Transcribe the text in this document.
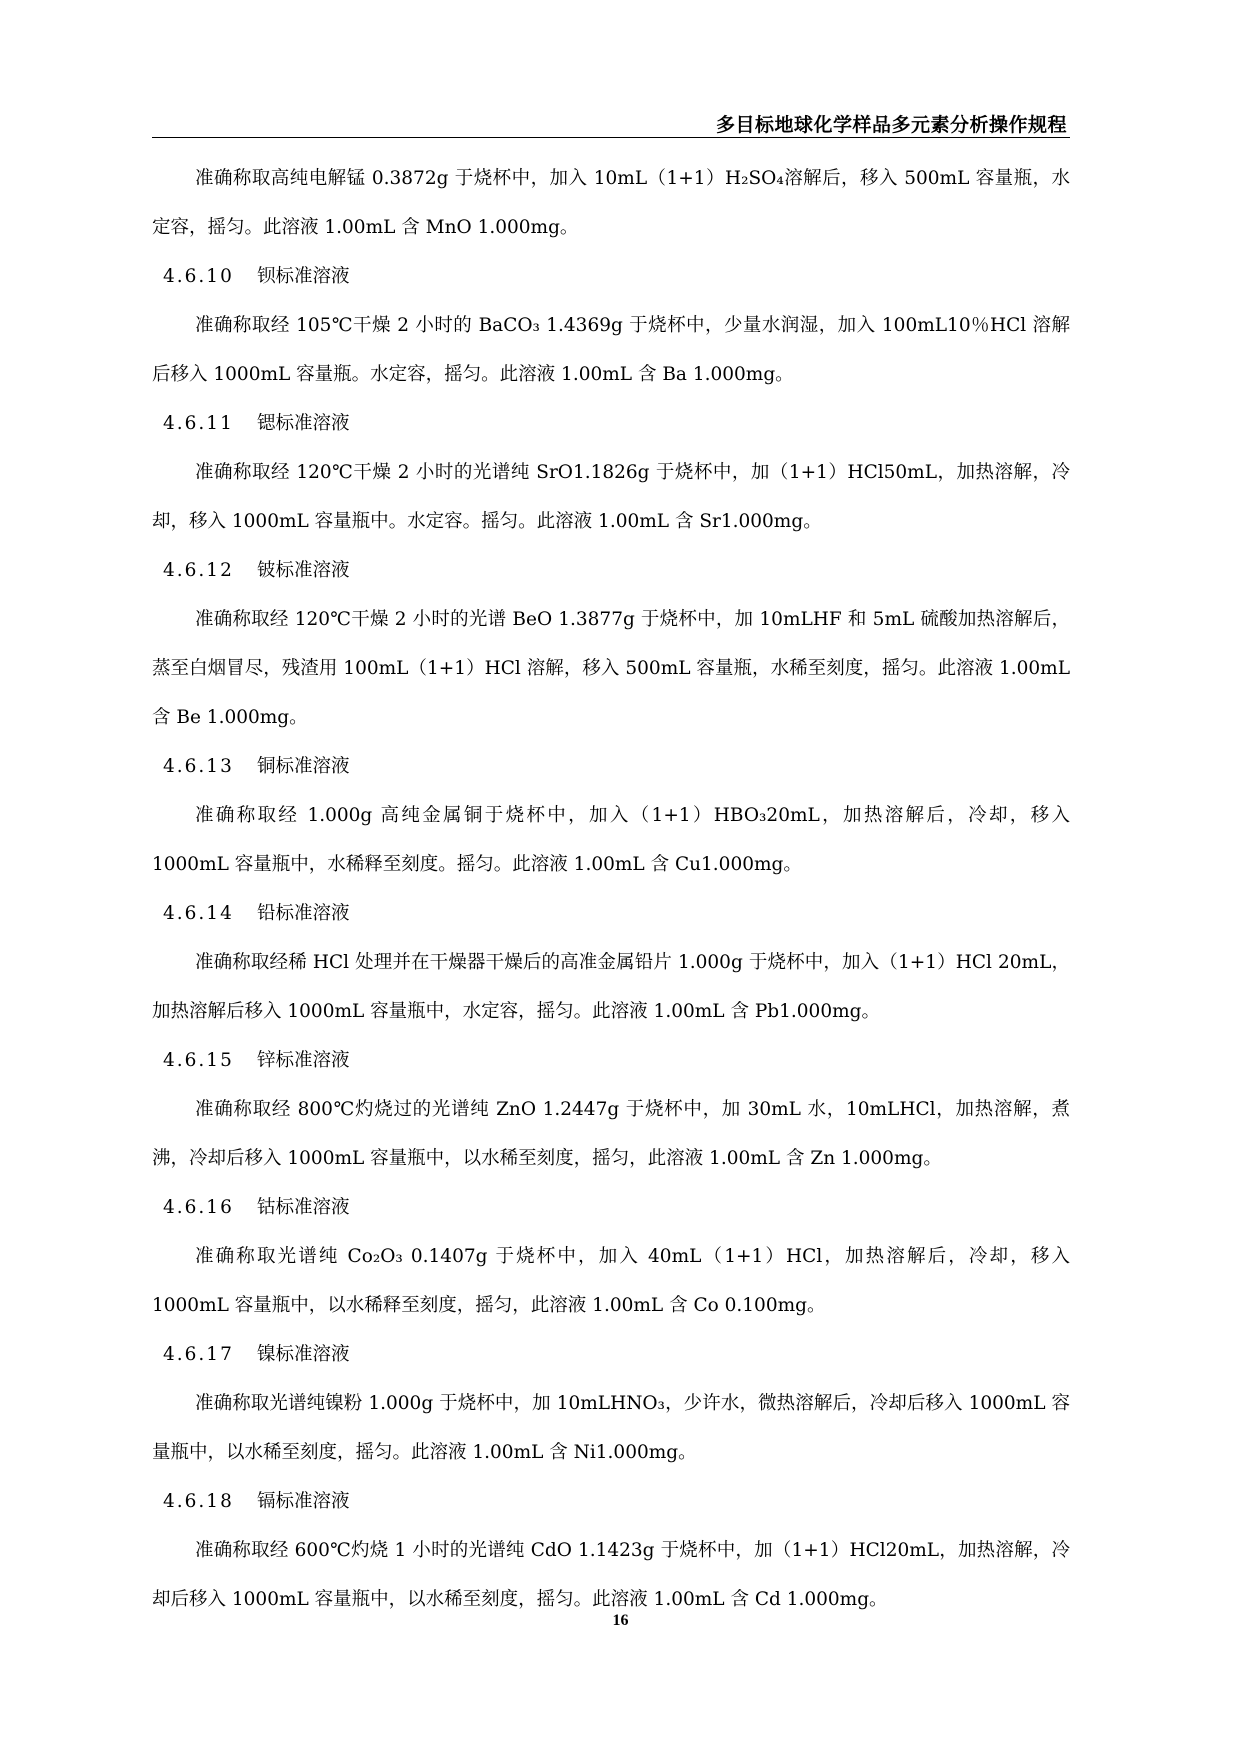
多目标地球化学样品多元素分析操作规程

准确称取高纯电解锰 0.3872g 于烧杯中，加入 10mL（1+1）H₂SO₄溶解后，移入 500mL 容量瓶，水定容，摇匀。此溶液 1.00mL 含 MnO 1.000mg。

4.6.10 钡标准溶液

准确称取经 105℃干燥 2 小时的 BaCO₃ 1.4369g 于烧杯中，少量水润湿，加入 100mL10％HCl 溶解后移入 1000mL 容量瓶。水定容，摇匀。此溶液 1.00mL 含 Ba 1.000mg。

4.6.11 锶标准溶液

准确称取经 120℃干燥 2 小时的光谱纯 SrO1.1826g 于烧杯中，加（1+1）HCl50mL，加热溶解，冷却，移入 1000mL 容量瓶中。水定容。摇匀。此溶液 1.00mL 含 Sr1.000mg。

4.6.12 铍标准溶液

准确称取经 120℃干燥 2 小时的光谱 BeO 1.3877g 于烧杯中，加 10mLHF 和 5mL 硫酸加热溶解后，蒸至白烟冒尽，残渣用 100mL（1+1）HCl 溶解，移入 500mL 容量瓶，水稀至刻度，摇匀。此溶液 1.00mL 含 Be 1.000mg。

4.6.13 铜标准溶液

准确称取经 1.000g 高纯金属铜于烧杯中，加入（1+1）HBO₃20mL，加热溶解后，冷却，移入 1000mL 容量瓶中，水稀释至刻度。摇匀。此溶液 1.00mL 含 Cu1.000mg。

4.6.14 铅标准溶液

准确称取经稀 HCl 处理并在干燥器干燥后的高准金属铅片 1.000g 于烧杯中，加入（1+1）HCl 20mL，加热溶解后移入 1000mL 容量瓶中，水定容，摇匀。此溶液 1.00mL 含 Pb1.000mg。

4.6.15 锌标准溶液

准确称取经 800℃灼烧过的光谱纯 ZnO 1.2447g 于烧杯中，加 30mL 水，10mLHCl，加热溶解，煮沸，冷却后移入 1000mL 容量瓶中，以水稀至刻度，摇匀，此溶液 1.00mL 含 Zn 1.000mg。

4.6.16 钴标准溶液

准确称取光谱纯 Co₂O₃ 0.1407g 于烧杯中，加入 40mL（1+1）HCl，加热溶解后，冷却，移入 1000mL 容量瓶中，以水稀释至刻度，摇匀，此溶液 1.00mL 含 Co 0.100mg。

4.6.17 镍标准溶液

准确称取光谱纯镍粉 1.000g 于烧杯中，加 10mLHNO₃，少许水，微热溶解后，冷却后移入 1000mL 容量瓶中，以水稀至刻度，摇匀。此溶液 1.00mL 含 Ni1.000mg。

4.6.18 镉标准溶液

准确称取经 600℃灼烧 1 小时的光谱纯 CdO 1.1423g 于烧杯中，加（1+1）HCl20mL，加热溶解，冷却后移入 1000mL 容量瓶中，以水稀至刻度，摇匀。此溶液 1.00mL 含 Cd 1.000mg。

16
